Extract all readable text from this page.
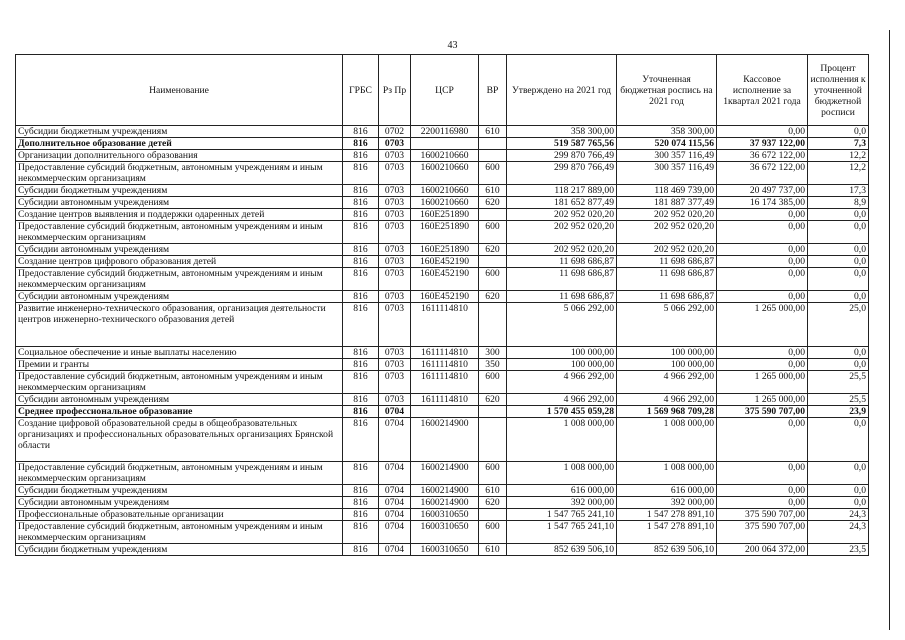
43
Наименование	ГРБС	Рз Пр	ЦСР	ВР	Утверждено на 2021 год	Уточненная бюджетная роспись на 2021 год	Кассовое исполнение за 1квартал 2021 года	Процент исполнения к уточненной бюджетной росписи
Субсидии бюджетным учреждениям	816	0702	2200116980	610	358 300,00	358 300,00	0,00	0,0
Дополнительное образование детей	816	0703			519 587 765,56	520 074 115,56	37 937 122,00	7,3
Организации дополнительного образования	816	0703	1600210660		299 870 766,49	300 357 116,49	36 672 122,00	12,2
Предоставление субсидий бюджетным, автономным учреждениям и иным некоммерческим организациям	816	0703	1600210660	600	299 870 766,49	300 357 116,49	36 672 122,00	12,2
Субсидии бюджетным учреждениям	816	0703	1600210660	610	118 217 889,00	118 469 739,00	20 497 737,00	17,3
Субсидии автономным учреждениям	816	0703	1600210660	620	181 652 877,49	181 887 377,49	16 174 385,00	8,9
Создание центров выявления и поддержки одаренных детей	816	0703	160E251890		202 952 020,20	202 952 020,20	0,00	0,0
Предоставление субсидий бюджетным, автономным учреждениям и иным некоммерческим организациям	816	0703	160E251890	600	202 952 020,20	202 952 020,20	0,00	0,0
Субсидии автономным учреждениям	816	0703	160E251890	620	202 952 020,20	202 952 020,20	0,00	0,0
Создание центров цифрового образования детей	816	0703	160E452190		11 698 686,87	11 698 686,87	0,00	0,0
Предоставление субсидий бюджетным, автономным учреждениям и иным некоммерческим организациям	816	0703	160E452190	600	11 698 686,87	11 698 686,87	0,00	0,0
Субсидии автономным учреждениям	816	0703	160E452190	620	11 698 686,87	11 698 686,87	0,00	0,0
Развитие инженерно-технического образования, организация деятельности центров инженерно-технического образования детей	816	0703	1611114810		5 066 292,00	5 066 292,00	1 265 000,00	25,0
Социальное обеспечение и иные выплаты населению	816	0703	1611114810	300	100 000,00	100 000,00	0,00	0,0
Премии и гранты	816	0703	1611114810	350	100 000,00	100 000,00	0,00	0,0
Предоставление субсидий бюджетным, автономным учреждениям и иным некоммерческим организациям	816	0703	1611114810	600	4 966 292,00	4 966 292,00	1 265 000,00	25,5
Субсидии автономным учреждениям	816	0703	1611114810	620	4 966 292,00	4 966 292,00	1 265 000,00	25,5
Среднее профессиональное образование	816	0704			1 570 455 059,28	1 569 968 709,28	375 590 707,00	23,9
Создание цифровой образовательной среды в общеобразовательных организациях и профессиональных образовательных организациях Брянской области	816	0704	1600214900		1 008 000,00	1 008 000,00	0,00	0,0
Предоставление субсидий бюджетным, автономным учреждениям и иным некоммерческим организациям	816	0704	1600214900	600	1 008 000,00	1 008 000,00	0,00	0,0
Субсидии бюджетным учреждениям	816	0704	1600214900	610	616 000,00	616 000,00	0,00	0,0
Субсидии автономным учреждениям	816	0704	1600214900	620	392 000,00	392 000,00	0,00	0,0
Профессиональные образовательные организации	816	0704	1600310650		1 547 765 241,10	1 547 278 891,10	375 590 707,00	24,3
Предоставление субсидий бюджетным, автономным учреждениям и иным некоммерческим организациям	816	0704	1600310650	600	1 547 765 241,10	1 547 278 891,10	375 590 707,00	24,3
Субсидии бюджетным учреждениям	816	0704	1600310650	610	852 639 506,10	852 639 506,10	200 064 372,00	23,5
